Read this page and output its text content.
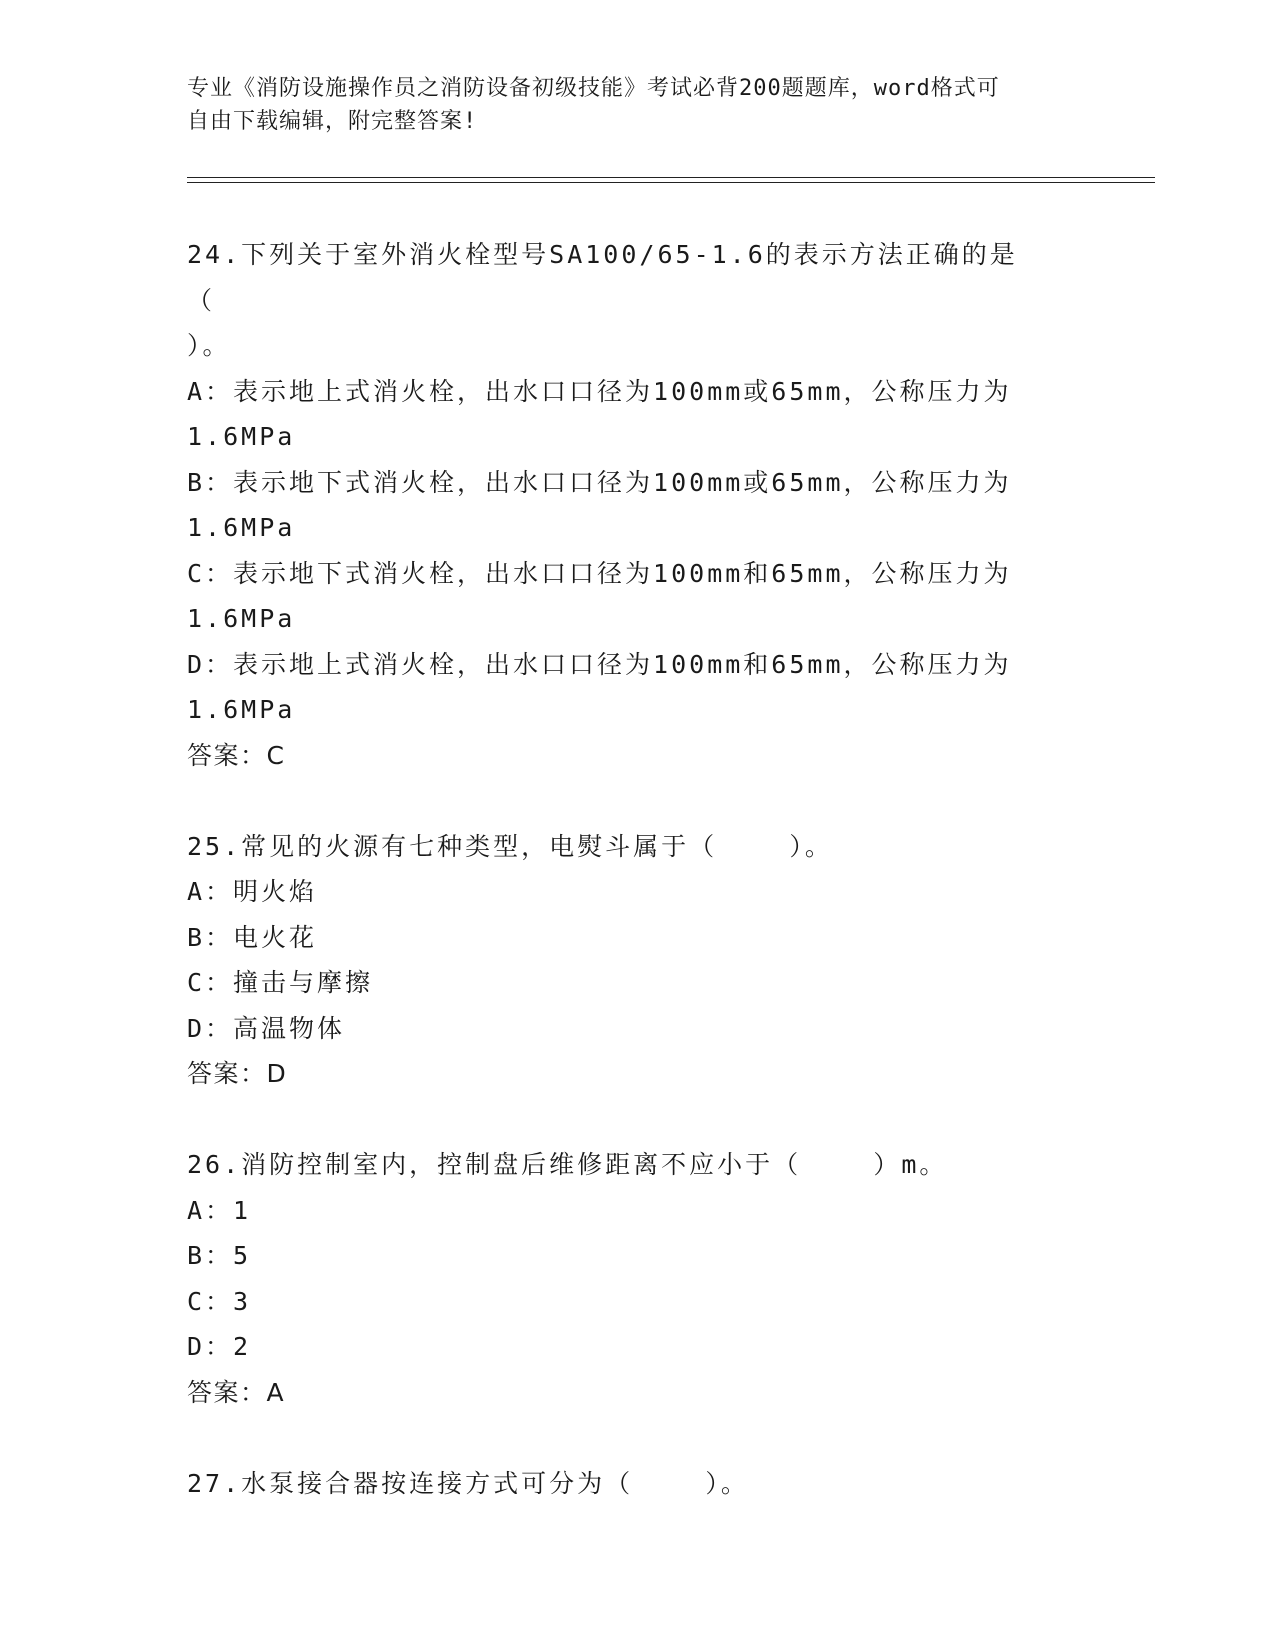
专业《消防设施操作员之消防设备初级技能》考试必背200题题库，word格式可
自由下载编辑，附完整答案!

24.下列关于室外消火栓型号SA100/65-1.6的表示方法正确的是（

）。

A：表示地上式消火栓，出水口口径为100mm或65mm，公称压力为

1.6MPa

B：表示地下式消火栓，出水口口径为100mm或65mm，公称压力为

1.6MPa

C：表示地下式消火栓，出水口口径为100mm和65mm，公称压力为

1.6MPa

D：表示地上式消火栓，出水口口径为100mm和65mm，公称压力为

1.6MPa

答案：C

25.常见的火源有七种类型，电熨斗属于（    ）。

A：明火焰

B：电火花

C：撞击与摩擦

D：高温物体

答案：D

26.消防控制室内，控制盘后维修距离不应小于（    ）m。

A：1

B：5

C：3

D：2

答案：A

27.水泵接合器按连接方式可分为（    ）。
